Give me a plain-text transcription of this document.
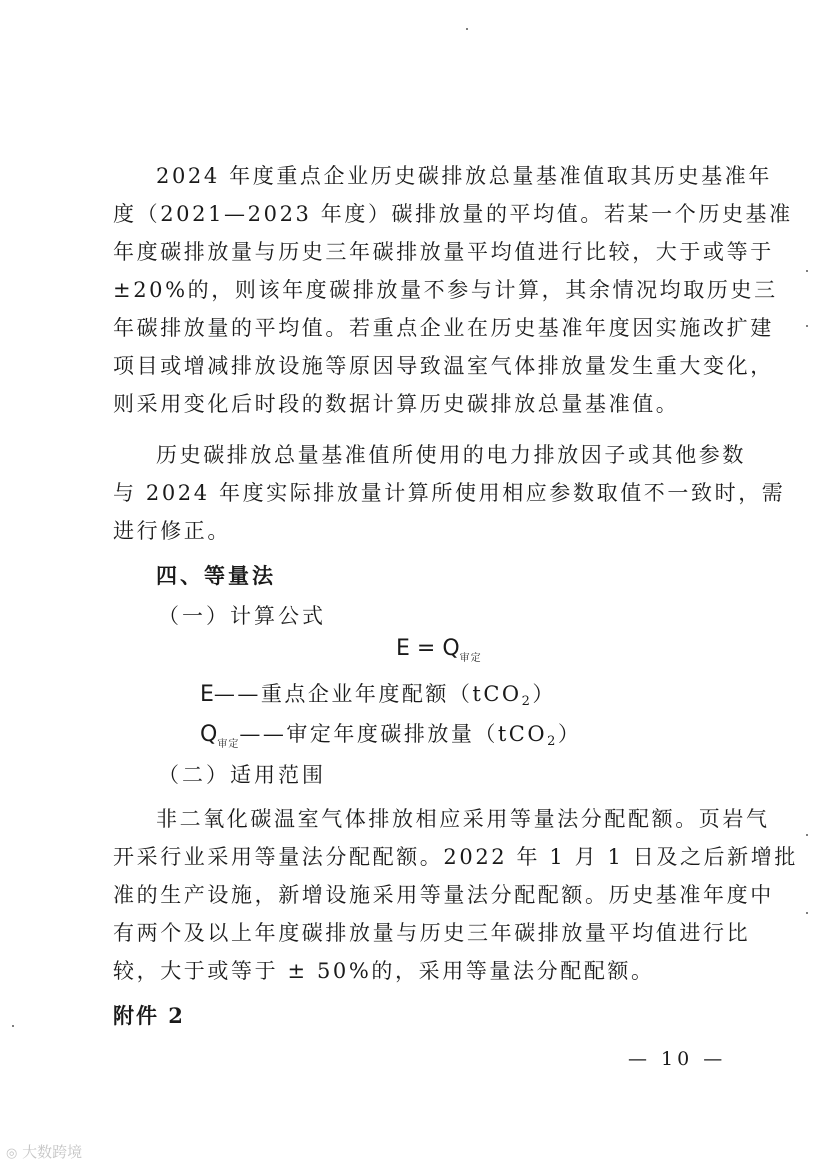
2024 年度重点企业历史碳排放总量基准值取其历史基准年
度（2021—2023 年度）碳排放量的平均值。若某一个历史基准
年度碳排放量与历史三年碳排放量平均值进行比较，大于或等于
±20%的，则该年度碳排放量不参与计算，其余情况均取历史三
年碳排放量的平均值。若重点企业在历史基准年度因实施改扩建
项目或增减排放设施等原因导致温室气体排放量发生重大变化，
则采用变化后时段的数据计算历史碳排放总量基准值。
历史碳排放总量基准值所使用的电力排放因子或其他参数
与 2024 年度实际排放量计算所使用相应参数取值不一致时，需
进行修正。
四、等量法
（一）计算公式
$E = Q_{审定}$
E——重点企业年度配额（tCO2）
$Q_{审定}——$审定年度碳排放量（tCO2）
（二）适用范围
非二氧化碳温室气体排放相应采用等量法分配配额。页岩气
开采行业采用等量法分配配额。2022 年 1 月 1 日及之后新增批
准的生产设施，新增设施采用等量法分配配额。历史基准年度中
有两个及以上年度碳排放量与历史三年碳排放量平均值进行比
较，大于或等于 ± 50%的，采用等量法分配配额。
附件 2
— 10 —
◎ 大数跨境
